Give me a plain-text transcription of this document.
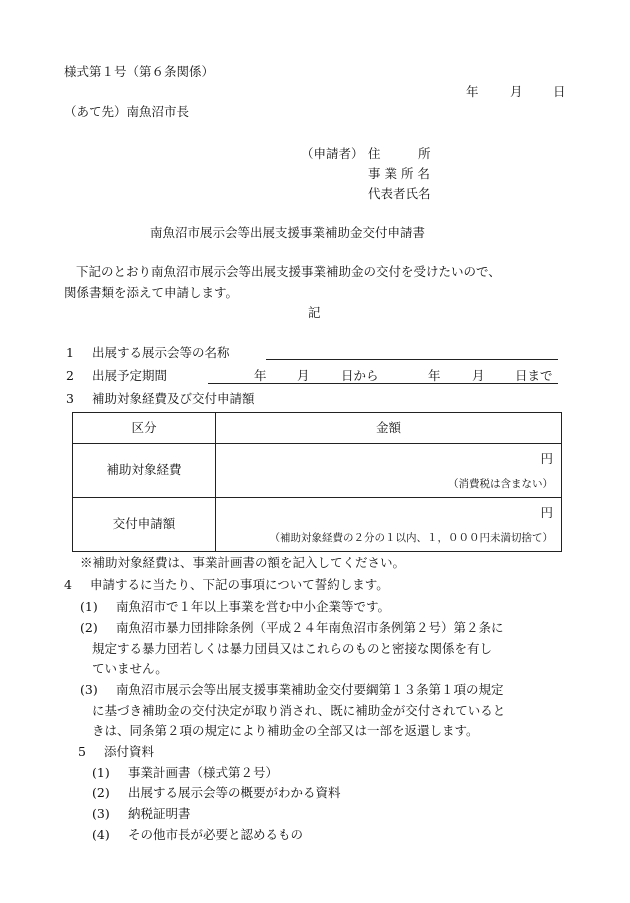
様式第１号（第６条関係）
年	月 日
（あて先）南魚沼市長
（申請者） 住　　　所
事 業 所 名
代表者氏名
南魚沼市展示会等出展支援事業補助金交付申請書
下記のとおり南魚沼市展示会等出展支援事業補助金の交付を受けたいので、
関係書類を添えて申請します。
記
1 出展する展示会等の名称
2 出展予定期間	年 月	日から	年	月 日まで
3 補助対象経費及び交付申請額
区分	金額
補助対象経費	円
（消費税は含まない）

交付申請額	円
（補助対象経費の２分の１以内、１，０００円未満切捨て）
※補助対象経費は、事業計画書の額を記入してください。
4 申請するに当たり、下記の事項について誓約します。
(1) 南魚沼市で１年以上事業を営む中小企業等です。
(2) 南魚沼市暴力団排除条例（平成２４年南魚沼市条例第２号）第２条に
規定する暴力団若しくは暴力団員又はこれらのものと密接な関係を有し
ていません。
(3) 南魚沼市展示会等出展支援事業補助金交付要綱第１３条第１項の規定
に基づき補助金の交付決定が取り消され、既に補助金が交付されていると
きは、同条第２項の規定により補助金の全部又は一部を返還します。
5 添付資料
(1) 事業計画書（様式第２号）
(2) 出展する展示会等の概要がわかる資料
(3) 納税証明書
(4) その他市長が必要と認めるもの
